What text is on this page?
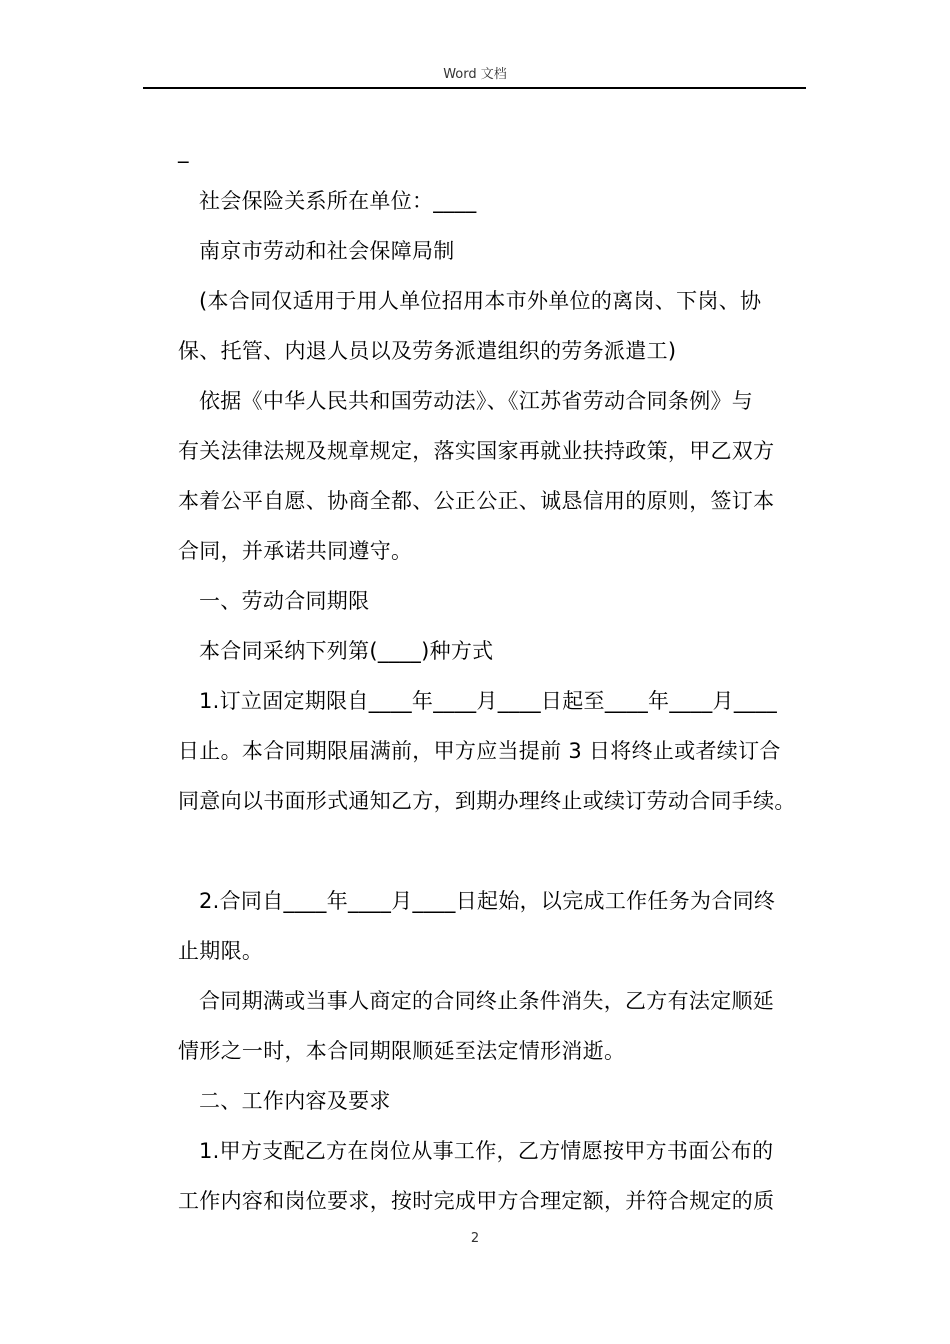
Word 文档
_
社会保险关系所在单位：____
南京市劳动和社会保障局制
(本合同仅适用于用人单位招用本市外单位的离岗、下岗、协
保、托管、内退人员以及劳务派遣组织的劳务派遣工)
依据《中华人民共和国劳动法》、《江苏省劳动合同条例》与
有关法律法规及规章规定，落实国家再就业扶持政策，甲乙双方
本着公平自愿、协商全都、公正公正、诚恳信用的原则，签订本
合同，并承诺共同遵守。
一、劳动合同期限
本合同采纳下列第(____)种方式
1.订立固定期限自____年____月____日起至____年____月____
日止。本合同期限届满前，甲方应当提前 3 日将终止或者续订合
同意向以书面形式通知乙方，到期办理终止或续订劳动合同手续。
2.合同自____年____月____日起始，以完成工作任务为合同终
止期限。
合同期满或当事人商定的合同终止条件消失，乙方有法定顺延
情形之一时，本合同期限顺延至法定情形消逝。
二、工作内容及要求
1.甲方支配乙方在岗位从事工作，乙方情愿按甲方书面公布的
工作内容和岗位要求，按时完成甲方合理定额，并符合规定的质
2
